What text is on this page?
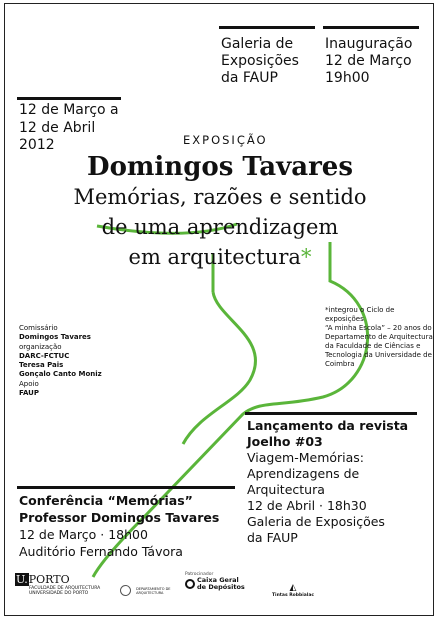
Galeria de
Exposições
da FAUP
Inauguração
12 de Março
19h00
12 de Março a
12 de Abril
2012	EXPOSIÇÃO
Domingos Tavares
Memórias, razões e sentido
de uma aprendizagem
em arquitectura*
*integrou o Ciclo de exposições
“A minha Escola” – 20 anos do
Departamento de Arquitectura
da Faculdade de Ciências e
Tecnologia da Universidade de
Coimbra
Comissário
Domingos Tavares
organização
DARC-FCTUC
Teresa Pais
Gonçalo Canto Moniz
Apoio
FAUP
Lançamento da revista
Joelho #03
Viagem-Memórias:
Aprendizagens de
Arquitectura
12 de Abril · 18h30
Galeria de Exposições
da FAUP
Conferência “Memórias”
Professor Domingos Tavares
12 de Março · 18h00
Auditório Fernando Távora
U.PORTO
FACULDADE DE ARQUITECTURA UNIVERSIDADE DO PORTO
DEPARTAMENTO DE ARQUITECTURA
Patrocinador
Caixa Geral
de Depósitos	◭
Tintas Robbialac
